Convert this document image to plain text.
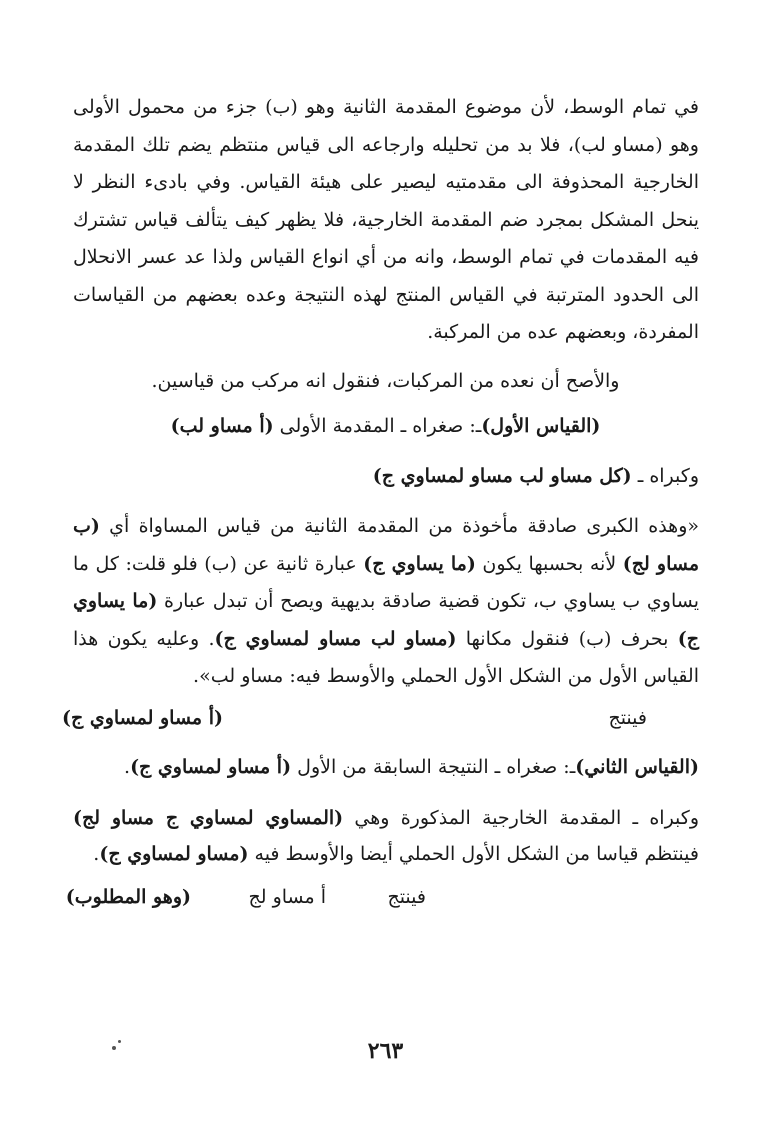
في تمام الوسط، لأن موضوع المقدمة الثانية وهو (ب) جزء من محمول الأولى وهو (مساو لب)، فلا بد من تحليله وارجاعه الى قياس منتظم يضم تلك المقدمة الخارجية المحذوفة الى مقدمتيه ليصير على هيئة القياس. وفي بادىء النظر لا ينحل المشكل بمجرد ضم المقدمة الخارجية، فلا يظهر كيف يتألف قياس تشترك فيه المقدمات في تمام الوسط، وانه من أي انواع القياس ولذا عد عسر الانحلال الى الحدود المترتبة في القياس المنتج لهذه النتيجة وعده بعضهم من القياسات المفردة، وبعضهم عده من المركبة.
والأصح أن نعده من المركبات، فنقول انه مركب من قياسين.
(القياس الأول)ـ: صغراه ـ المقدمة الأولى (أ مساو لب)
وكبراه ـ (كل مساو لب مساو لمساوي ج)
«وهذه الكبرى صادقة مأخوذة من المقدمة الثانية من قياس المساواة أي (ب مساو لج) لأنه بحسبها يكون (ما يساوي ج) عبارة ثانية عن (ب) فلو قلت: كل ما يساوي ب يساوي ب، تكون قضية صادقة بديهية ويصح أن تبدل عبارة (ما يساوي ج) بحرف (ب) فنقول مكانها (مساو لب مساو لمساوي ج). وعليه يكون هذا القياس الأول من الشكل الأول الحملي والأوسط فيه: مساو لب».
فينتج
(أ مساو لمساوي ج)
(القياس الثاني)ـ: صغراه ـ النتيجة السابقة من الأول (أ مساو لمساوي ج).
وكبراه ـ المقدمة الخارجية المذكورة وهي (المساوي لمساوي ج مساو لج) فينتظم قياسا من الشكل الأول الحملي أيضا والأوسط فيه (مساو لمساوي ج).
فينتج
أ مساو لج
(وهو المطلوب)
٢٦٣
